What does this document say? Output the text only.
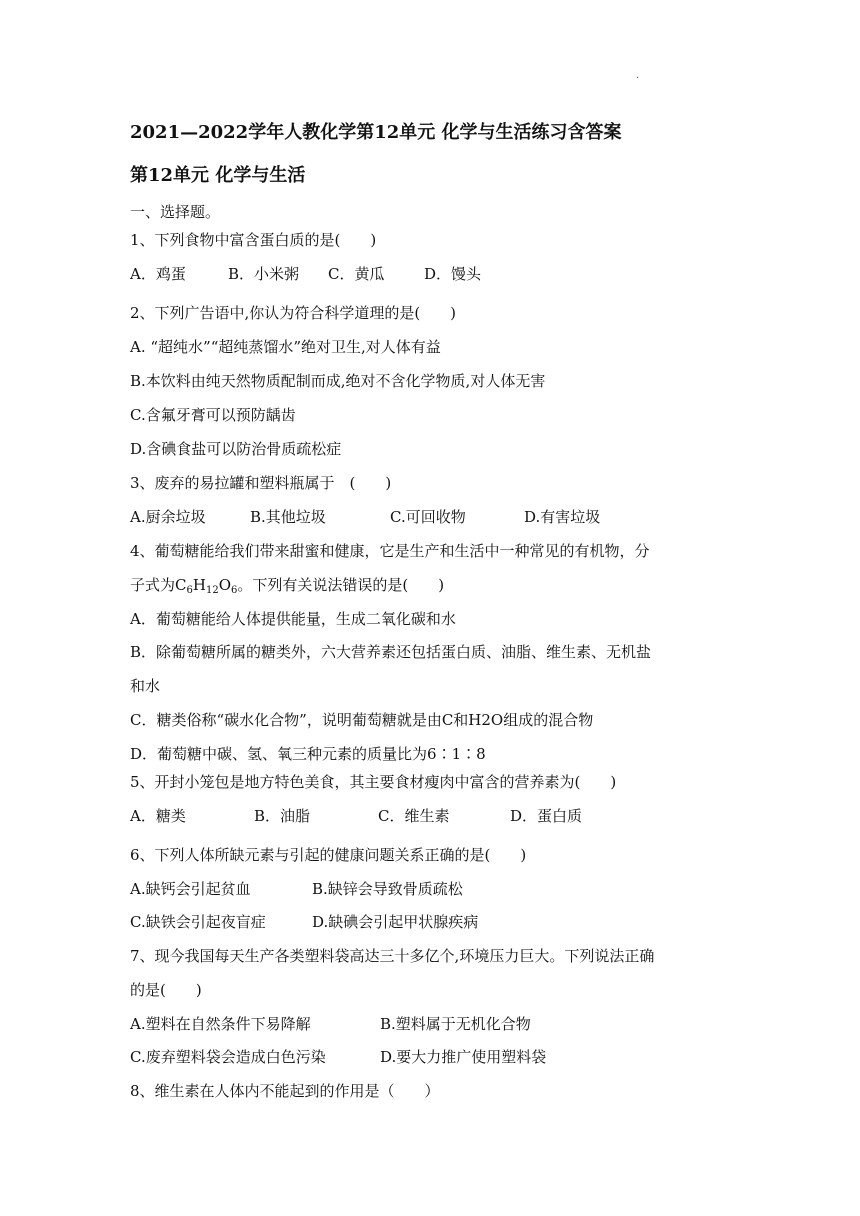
.
2021—2022学年人教化学第12单元 化学与生活练习含答案
第12单元 化学与生活
一、选择题。
1、下列食物中富含蛋白质的是(　　)
A．鸡蛋	B．小米粥 C．黄瓜	D．馒头
2、下列广告语中,你认为符合科学道理的是(　　)
A. “超纯水”“超纯蒸馏水”绝对卫生,对人体有益
B.本饮料由纯天然物质配制而成,绝对不含化学物质,对人体无害
C.含氟牙膏可以预防龋齿
D.含碘食盐可以防治骨质疏松症
3、废弃的易拉罐和塑料瓶属于　(　　)
A.厨余垃圾	B.其他垃圾	C.可回收物	D.有害垃圾
4、葡萄糖能给我们带来甜蜜和健康，它是生产和生活中一种常见的有机物，分
子式为$C_6H_{12}O_6$。下列有关说法错误的是(　　)
A．葡萄糖能给人体提供能量，生成二氧化碳和水
B．除葡萄糖所属的糖类外，六大营养素还包括蛋白质、油脂、维生素、无机盐
和水
C．糖类俗称“碳水化合物”，说明葡萄糖就是由C和H2O组成的混合物
D．葡萄糖中碳、氢、氧三种元素的质量比为6∶1∶8
5、开封小笼包是地方特色美食，其主要食材瘦肉中富含的营养素为(　　)
A．糖类	B．油脂	C．维生素	D．蛋白质
6、下列人体所缺元素与引起的健康问题关系正确的是(　　)
A.缺钙会引起贫血	B.缺锌会导致骨质疏松
C.缺铁会引起夜盲症	D.缺碘会引起甲状腺疾病
7、现今我国每天生产各类塑料袋高达三十多亿个,环境压力巨大。下列说法正确
的是(　　)
A.塑料在自然条件下易降解	B.塑料属于无机化合物
C.废弃塑料袋会造成白色污染	D.要大力推广使用塑料袋
8、维生素在人体内不能起到的作用是（　　）
